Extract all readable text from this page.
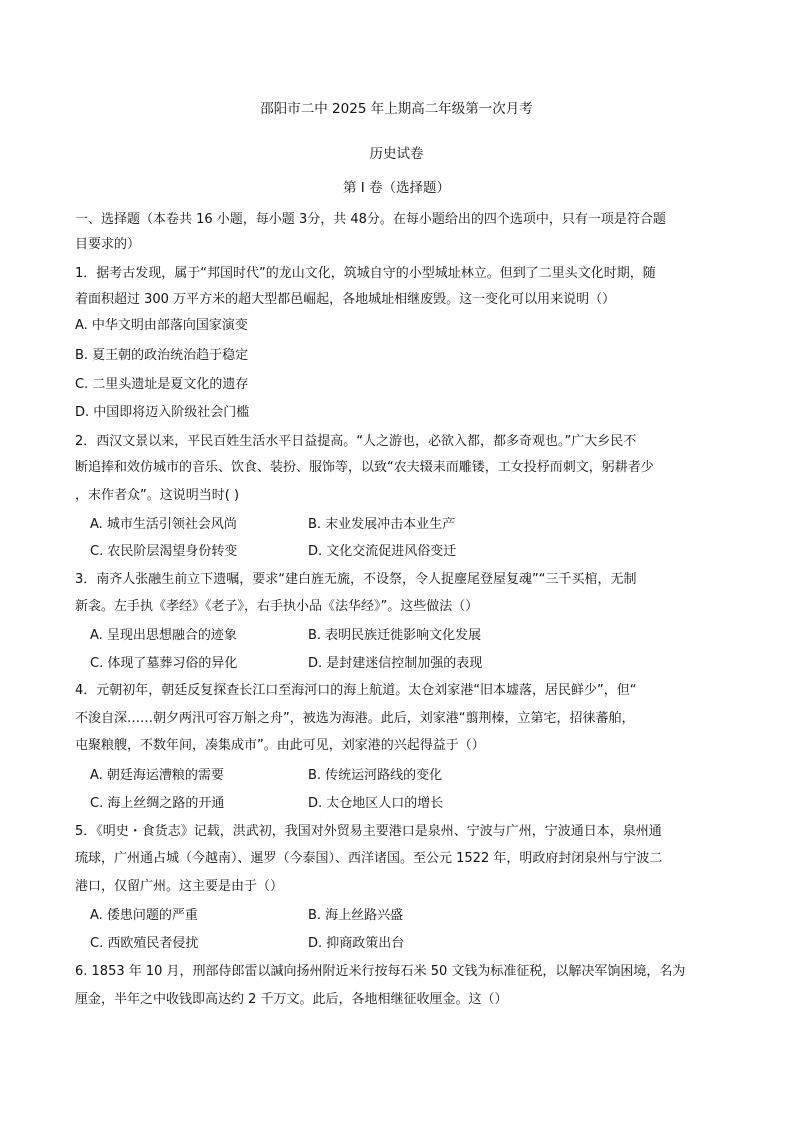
邵阳市二中 2025 年上期高二年级第一次月考
历史试卷
第 I 卷（选择题）
一、选择题（本卷共 16 小题，每小题 3分，共 48分。在每小题给出的四个选项中，只有一项是符合题
目要求的）
1．据考古发现，属于“邦国时代”的龙山文化，筑城自守的小型城址林立。但到了二里头文化时期，随
着面积超过 300 万平方米的超大型都邑崛起，各地城址相继废毁。这一变化可以用来说明（）
A. 中华文明由部落向国家演变
B. 夏王朝的政治统治趋于稳定
C. 二里头遗址是夏文化的遗存
D. 中国即将迈入阶级社会门槛
2．西汉文景以来，平民百姓生活水平日益提高。“人之游也，必欲入都，都多奇观也。”广大乡民不
断追捧和效仿城市的音乐、饮食、装扮、服饰等，以致“农夫辍耒而雕镂，工女投杼而刺文，躬耕者少
，末作者众”。这说明当时( )
A. 城市生活引领社会风尚	B. 末业发展冲击本业生产
C. 农民阶层渴望身份转变	D. 文化交流促进风俗变迁
3．南齐人张融生前立下遗嘱，要求“建白旌无旒，不设祭，令人捉麈尾登屋复魂”“三千买棺，无制
新衾。左手执《孝经》《老子》，右手执小品《法华经》”。这些做法（）
A. 呈现出思想融合的迹象	B. 表明民族迁徙影响文化发展
C. 体现了墓葬习俗的异化	D. 是封建迷信控制加强的表现
4．元朝初年，朝廷反复探查长江口至海河口的海上航道。太仓刘家港“旧本墟落，居民鲜少”，但“
不浚自深……朝夕两汛可容万斛之舟”，被选为海港。此后，刘家港“翦荆榛，立第宅，招徕蕃舶，
屯聚粮艘，不数年间，凑集成市”。由此可见，刘家港的兴起得益于（）
A. 朝廷海运漕粮的需要	B. 传统运河路线的变化
C. 海上丝绸之路的开通	D. 太仓地区人口的增长
5．《明史・食货志》记载，洪武初，我国对外贸易主要港口是泉州、宁波与广州，宁波通日本，泉州通
琉球，广州通占城（今越南）、暹罗（今泰国）、西洋诸国。至公元 1522 年，明政府封闭泉州与宁波二
港口，仅留广州。这主要是由于（）
A. 倭患问题的严重	B. 海上丝路兴盛
C. 西欧殖民者侵扰	D. 抑商政策出台
6. 1853 年 10 月，刑部侍郎雷以諴向扬州附近米行按每石米 50 文钱为标准征税，以解决军饷困境，名为
厘金，半年之中收钱即高达约 2 千万文。此后，各地相继征收厘金。这（）
